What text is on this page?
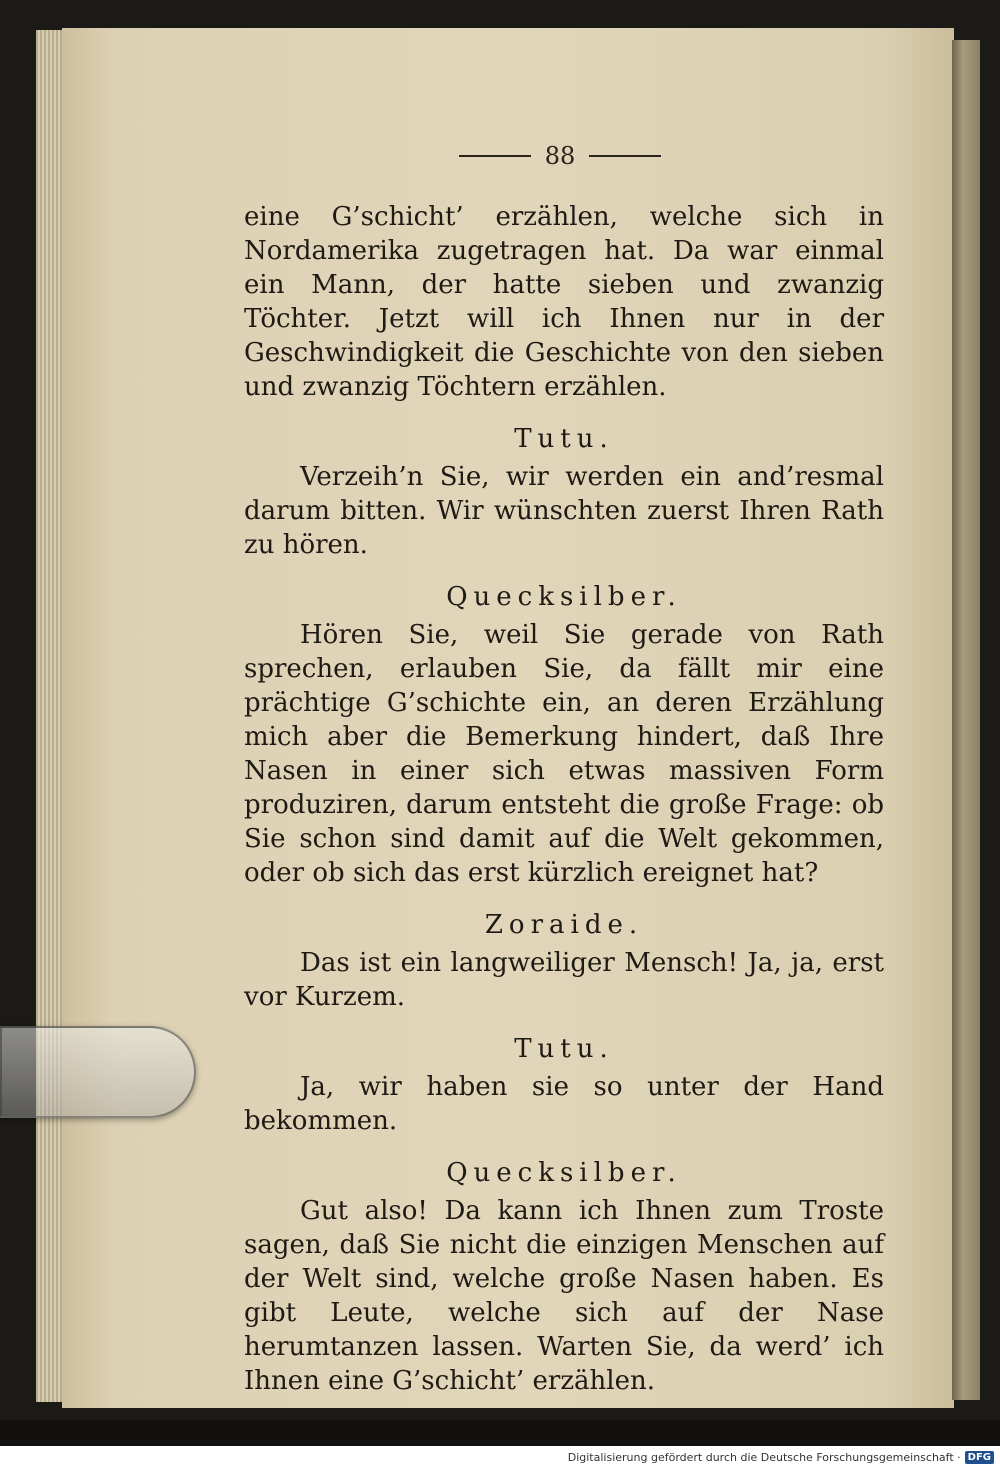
88

eine G’schicht’ erzählen, welche sich in Nordamerika zugetragen hat. Da war einmal ein Mann, der hatte sieben und zwanzig Töchter. Jetzt will ich Ihnen nur in der Geschwindigkeit die Geschichte von den sieben und zwanzig Töchtern erzählen.

Tutu.

Verzeih’n Sie, wir werden ein and’resmal darum bitten. Wir wünschten zuerst Ihren Rath zu hören.

Quecksilber.

Hören Sie, weil Sie gerade von Rath sprechen, erlauben Sie, da fällt mir eine prächtige G’schichte ein, an deren Erzählung mich aber die Bemerkung hindert, daß Ihre Nasen in einer sich etwas massiven Form produziren, darum entsteht die große Frage: ob Sie schon sind damit auf die Welt gekommen, oder ob sich das erst kürzlich ereignet hat?

Zoraide.

Das ist ein langweiliger Mensch! Ja, ja, erst vor Kurzem.

Tutu.

Ja, wir haben sie so unter der Hand bekommen.

Quecksilber.

Gut also! Da kann ich Ihnen zum Troste sagen, daß Sie nicht die einzigen Menschen auf der Welt sind, welche große Nasen haben. Es gibt Leute, welche sich auf der Nase herumtanzen lassen. Warten Sie, da werd’ ich Ihnen eine G’schicht’ erzählen.

Digitalisierung gefördert durch die Deutsche Forschungsgemeinschaft · DFG
